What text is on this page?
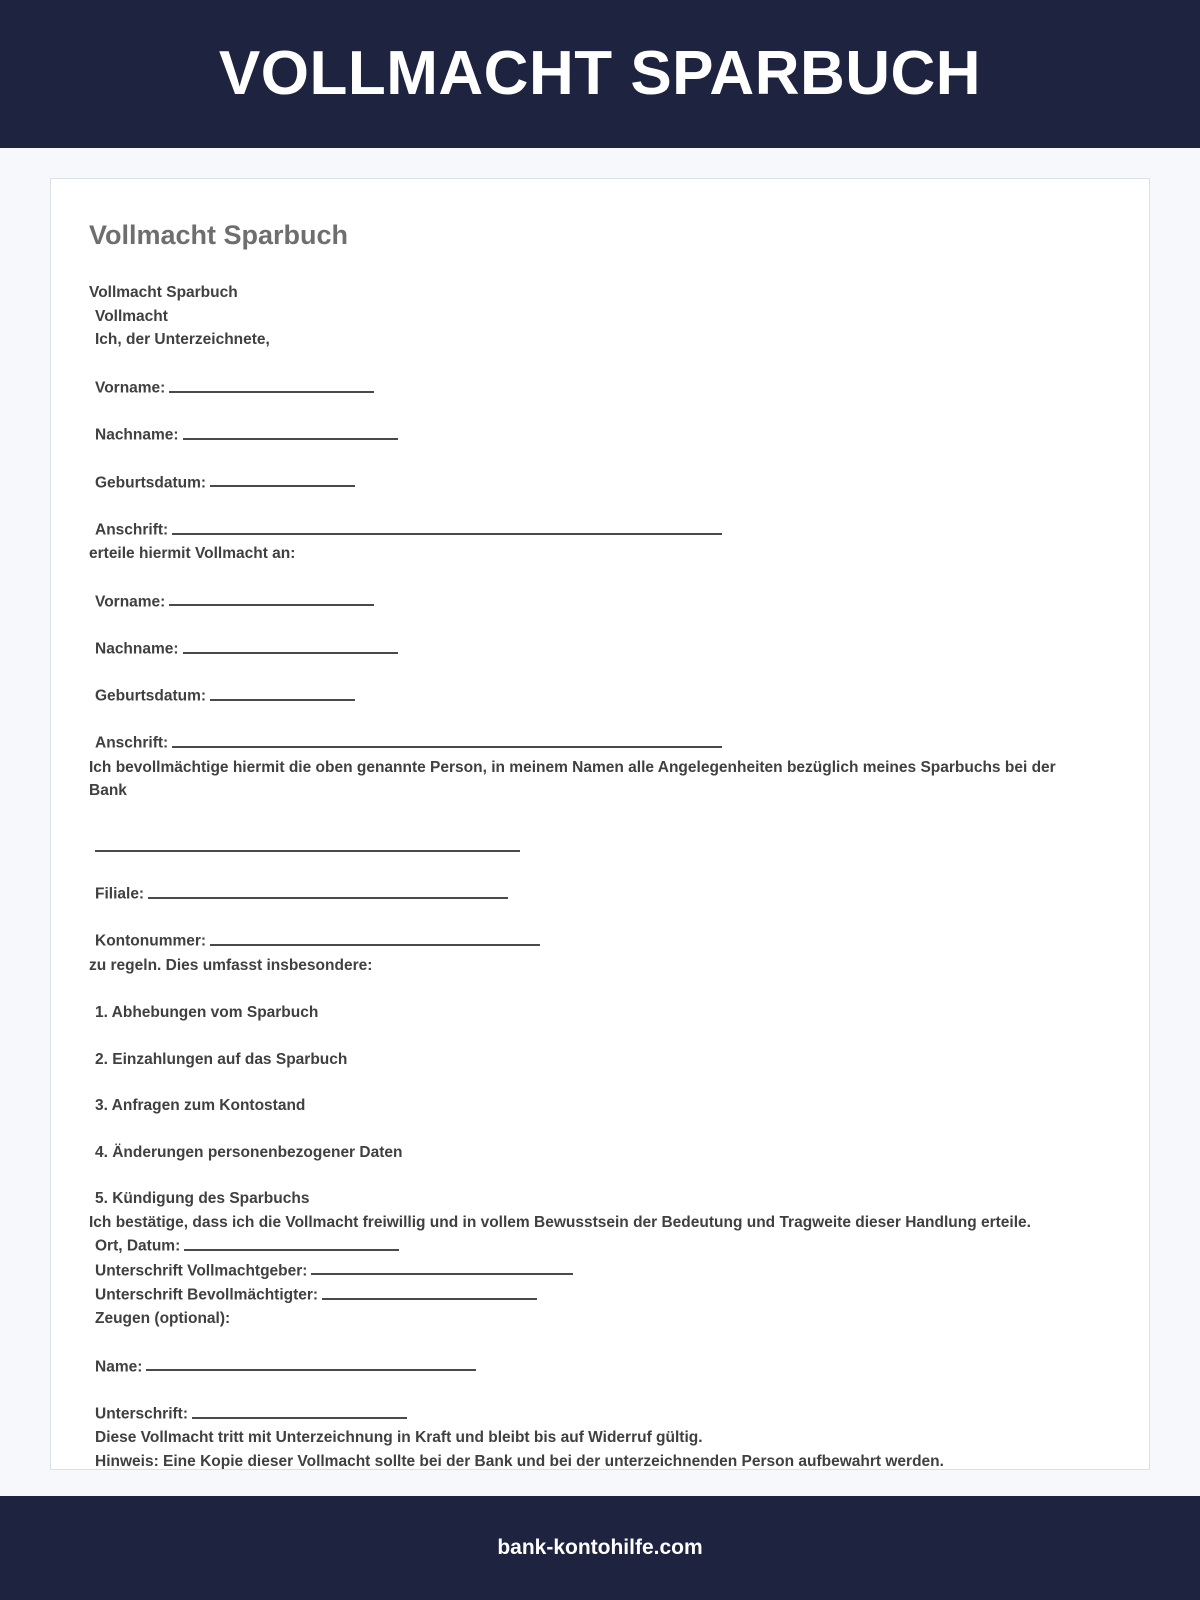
VOLLMACHT SPARBUCH
Vollmacht Sparbuch

Vollmacht Sparbuch

Vollmacht

Ich, der Unterzeichnete,

Vorname:

Nachname:

Geburtsdatum:

Anschrift:

erteile hiermit Vollmacht an:

Vorname:

Nachname:

Geburtsdatum:

Anschrift:

Ich bevollmächtige hiermit die oben genannte Person, in meinem Namen alle Angelegenheiten bezüglich meines Sparbuchs bei der Bank

Filiale:

Kontonummer:

zu regeln. Dies umfasst insbesondere:

1. Abhebungen vom Sparbuch

2. Einzahlungen auf das Sparbuch

3. Anfragen zum Kontostand

4. Änderungen personenbezogener Daten

5. Kündigung des Sparbuchs

Ich bestätige, dass ich die Vollmacht freiwillig und in vollem Bewusstsein der Bedeutung und Tragweite dieser Handlung erteile.

Ort, Datum:

Unterschrift Vollmachtgeber:

Unterschrift Bevollmächtigter:

Zeugen (optional):

Name:

Unterschrift:

Diese Vollmacht tritt mit Unterzeichnung in Kraft und bleibt bis auf Widerruf gültig.

Hinweis: Eine Kopie dieser Vollmacht sollte bei der Bank und bei der unterzeichnenden Person aufbewahrt werden.

bank-kontohilfe.com
